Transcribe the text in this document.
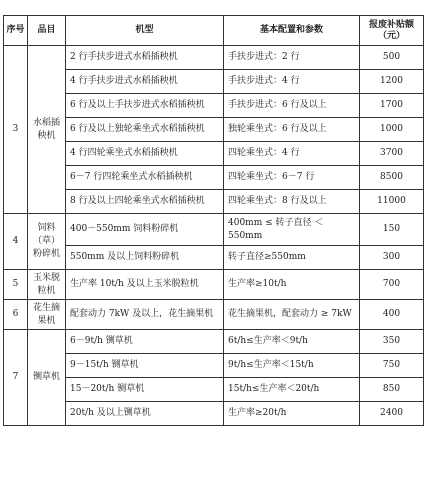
序号	品目	机型	基本配置和参数	报废补贴额（元）
3	水稻插秧机	2 行手扶步进式水稻插秧机	手扶步进式：2 行	500
		4 行手扶步进式水稻插秧机	手扶步进式：4 行	1200
		6 行及以上手扶步进式水稻插秧机	手扶步进式：6 行及以上	1700
		6 行及以上独轮乘坐式水稻插秧机	独轮乘坐式：6 行及以上	1000
		4 行四轮乘坐式水稻插秧机	四轮乘坐式：4 行	3700
		6－7 行四轮乘坐式水稻插秧机	四轮乘坐式：6－7 行	8500
		8 行及以上四轮乘坐式水稻插秧机	四轮乘坐式：8 行及以上	11000
4	饲料（草）粉碎机	400－550mm 饲料粉碎机	400mm ≤ 转子直径 ＜ 550mm	150
		550mm 及以上饲料粉碎机	转子直径≥550mm	300
5	玉米脱粒机	生产率 10t/h 及以上玉米脱粒机	生产率≥10t/h	700
6	花生摘果机	配套动力 7kW 及以上，花生摘果机	花生摘果机，配套动力 ≥ 7kW	400
7	铡草机	6－9t/h 铡草机	6t/h≤生产率＜9t/h	350
		9－15t/h 铡草机	9t/h≤生产率＜15t/h	750
		15－20t/h 铡草机	15t/h≤生产率＜20t/h	850
		20t/h 及以上铡草机	生产率≥20t/h	2400
